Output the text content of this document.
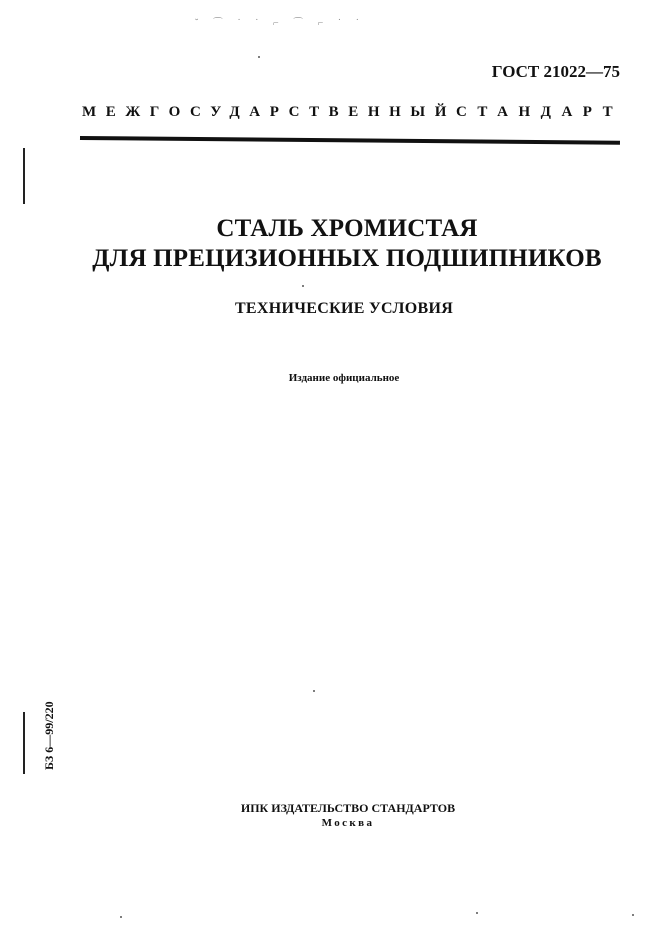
˘ ⌒ ˙ ˙ ⌐ ⌒ ⌐ ˙ ˙
ГОСТ 21022—75
МЕЖГОСУДАРСТВЕННЫЙ СТАНДАРТ
СТАЛЬ ХРОМИСТАЯ
ДЛЯ ПРЕЦИЗИОННЫХ ПОДШИПНИКОВ
ТЕХНИЧЕСКИЕ УСЛОВИЯ
Издание официальное
БЗ 6—99/220
ИПК ИЗДАТЕЛЬСТВО СТАНДАРТОВ
Москва
